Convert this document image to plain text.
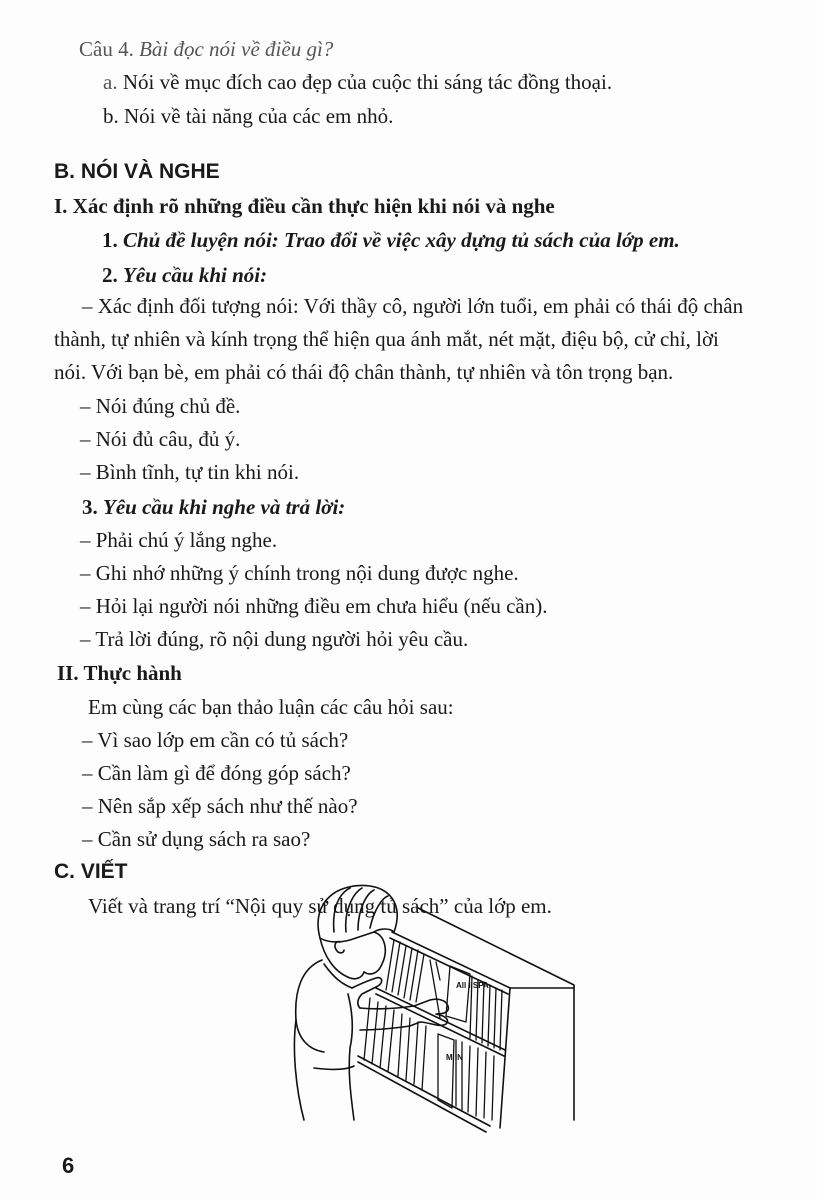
Câu 4. Bài đọc nói về điều gì?
a. Nói về mục đích cao đẹp của cuộc thi sáng tác đồng thoại.
b. Nói về tài năng của các em nhỏ.
B. NÓI VÀ NGHE
I. Xác định rõ những điều cần thực hiện khi nói và nghe
1. Chủ đề luyện nói: Trao đổi về việc xây dựng tủ sách của lớp em.
2. Yêu cầu khi nói:
– Xác định đối tượng nói: Với thầy cô, người lớn tuổi, em phải có thái độ chân
thành, tự nhiên và kính trọng thể hiện qua ánh mắt, nét mặt, điệu bộ, cử chỉ, lời
nói. Với bạn bè, em phải có thái độ chân thành, tự nhiên và tôn trọng bạn.
– Nói đúng chủ đề.
– Nói đủ câu, đủ ý.
– Bình tĩnh, tự tin khi nói.
3. Yêu cầu khi nghe và trả lời:
– Phải chú ý lắng nghe.
– Ghi nhớ những ý chính trong nội dung được nghe.
– Hỏi lại người nói những điều em chưa hiểu (nếu cần).
– Trả lời đúng, rõ nội dung người hỏi yêu cầu.
II. Thực hành
Em cùng các bạn thảo luận các câu hỏi sau:
– Vì sao lớp em cần có tủ sách?
– Cần làm gì để đóng góp sách?
– Nên sắp xếp sách như thế nào?
– Cần sử dụng sách ra sao?
C. VIẾT
Viết và trang trí “Nội quy sử dụng tủ sách” của lớp em.
All I SPA
M IN
6
